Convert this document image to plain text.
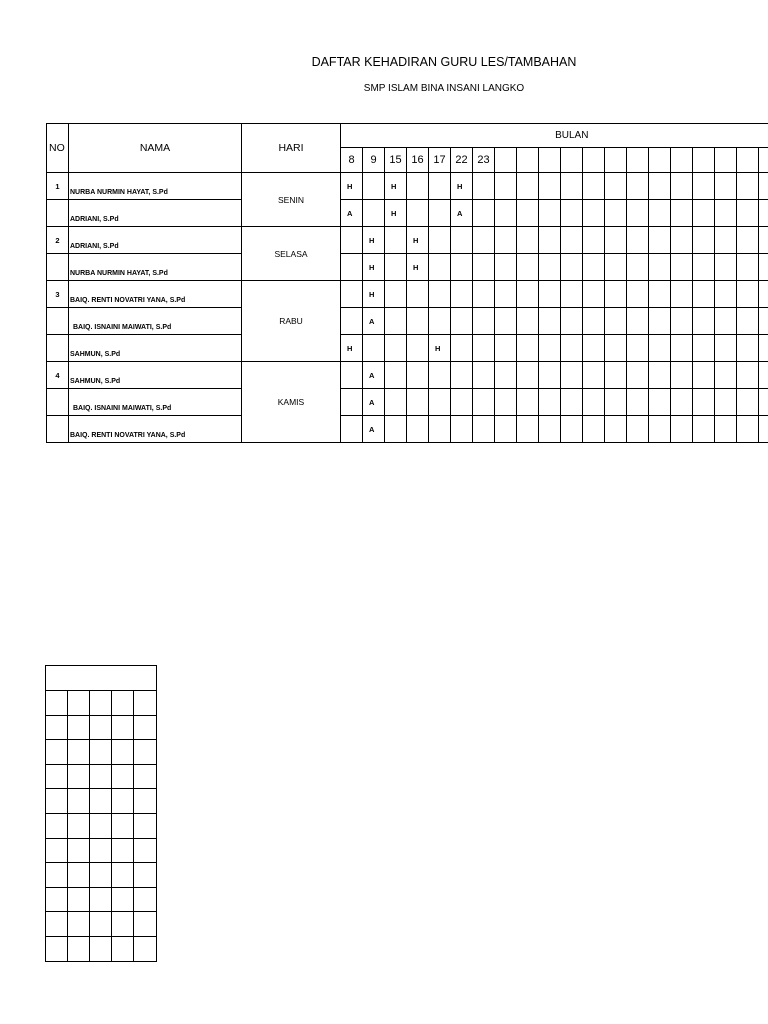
DAFTAR KEHADIRAN GURU LES/TAMBAHAN
SMP ISLAM BINA INSANI LANGKO
NO	NAMA	HARI	BULAN																				
			8	9	15	16	17	22	23														
1	NURBA NURMIN HAYAT, S.Pd	SENIN	H		H			H															
	ADRIANI, S.Pd		A		H			A															
2	ADRIANI, S.Pd	SELASA		H		H																	
	NURBA NURMIN HAYAT, S.Pd			H		H																	
3	BAIQ. RENTI NOVATRI YANA, S.Pd	RABU		H																			
	BAIQ. ISNAINI MAIWATI, S.Pd			A																			
	SAHMUN, S.Pd		H				H																
4	SAHMUN, S.Pd	KAMIS		A																			
	BAIQ. ISNAINI MAIWATI, S.Pd			A																			
	BAIQ. RENTI NOVATRI YANA, S.Pd			A																			
